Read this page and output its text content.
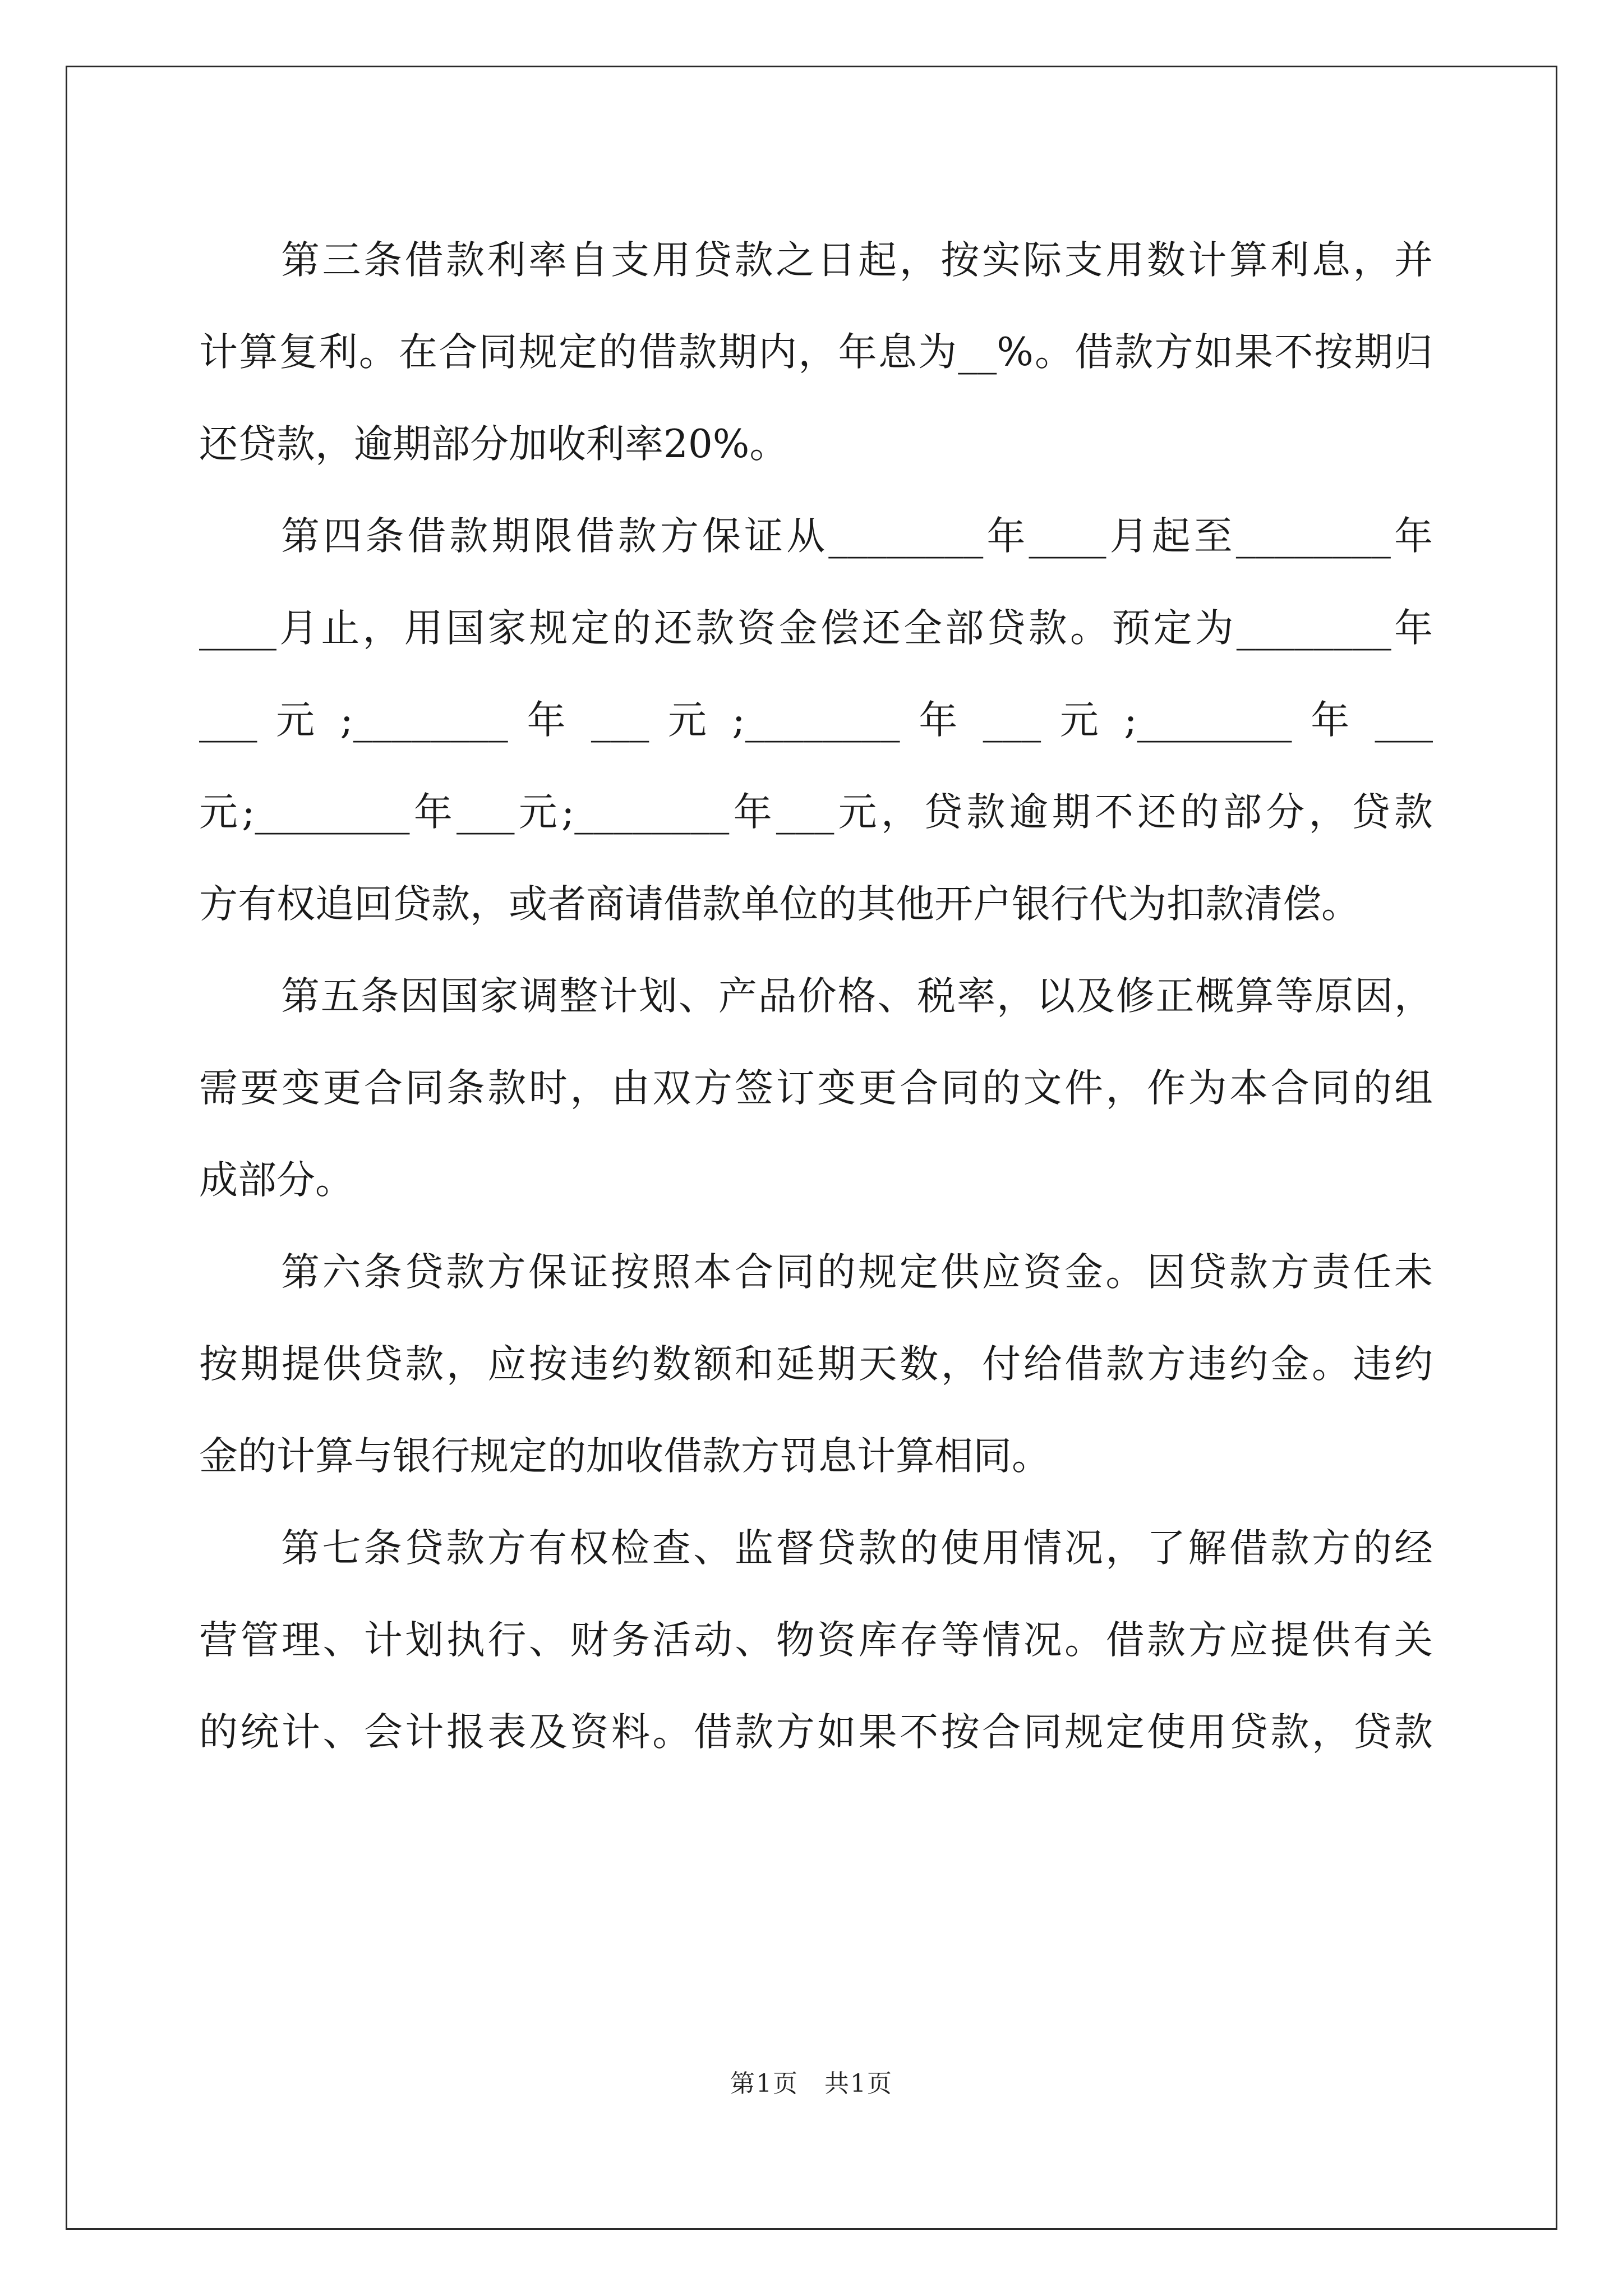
第三条借款利率自支用贷款之日起，按实际支用数计算利息，并
计算复利。在合同规定的借款期内，年息为__%。借款方如果不按期归
还贷款，逾期部分加收利率20%。

第四条借款期限借款方保证从________年____月起至________年
____月止，用国家规定的还款资金偿还全部贷款。预定为________年
___ 元 ;________ 年 ___ 元 ;________ 年 ___ 元 ;________ 年 ___
元;________年___元;________年___元，贷款逾期不还的部分，贷款
方有权追回贷款，或者商请借款单位的其他开户银行代为扣款清偿。

第五条因国家调整计划、产品价格、税率，以及修正概算等原因，
需要变更合同条款时，由双方签订变更合同的文件，作为本合同的组
成部分。

第六条贷款方保证按照本合同的规定供应资金。因贷款方责任未
按期提供贷款，应按违约数额和延期天数，付给借款方违约金。违约
金的计算与银行规定的加收借款方罚息计算相同。

第七条贷款方有权检查、监督贷款的使用情况，了解借款方的经
营管理、计划执行、财务活动、物资库存等情况。借款方应提供有关
的统计、会计报表及资料。借款方如果不按合同规定使用贷款，贷款

第1页　共1页
